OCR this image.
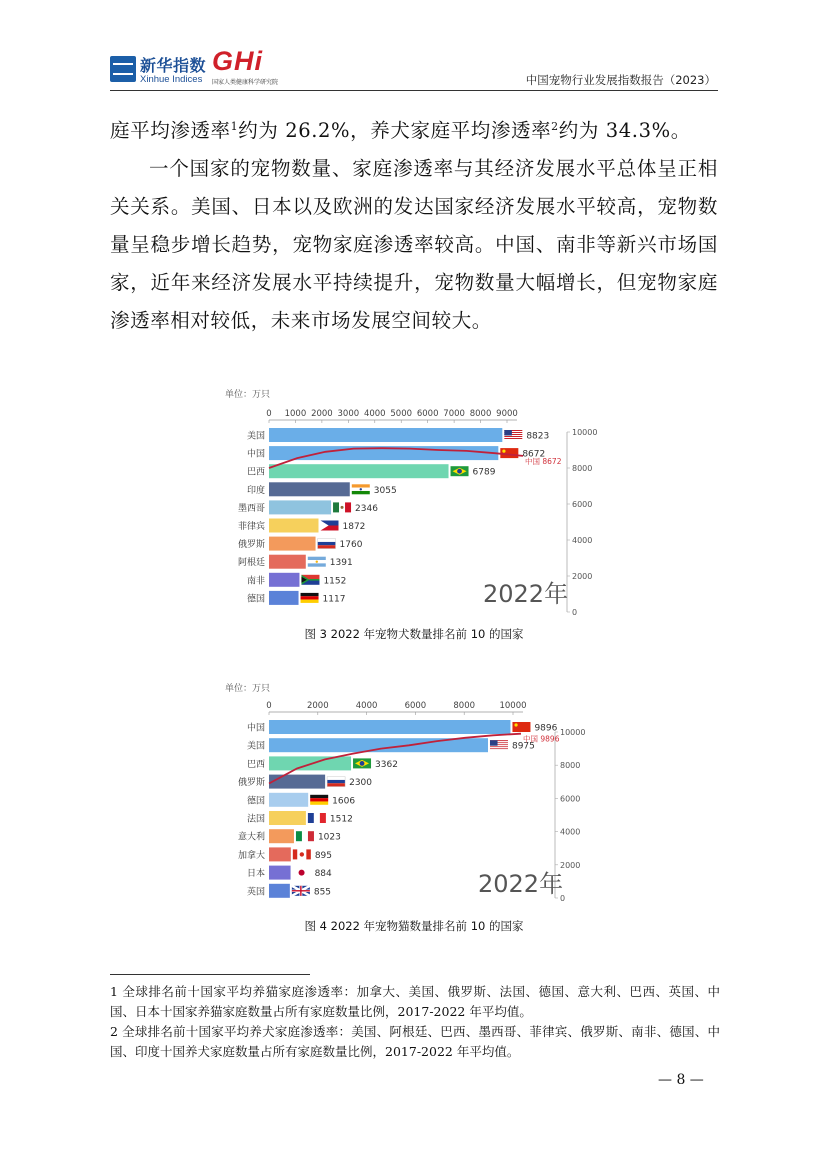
新华指数
Xinhue Indices
GHi
国家人类健康科学研究院	中国宠物行业发展指数报告（2023）

庭平均渗透率$^1$约为 26.2%，养犬家庭平均渗透率$^2$约为 34.3%。

一个国家的宠物数量、家庭渗透率与其经济发展水平总体呈正相关关系。美国、日本以及欧洲的发达国家经济发展水平较高，宠物数量呈稳步增长趋势，宠物家庭渗透率较高。中国、南非等新兴市场国家，近年来经济发展水平持续提升，宠物数量大幅增长，但宠物家庭渗透率相对较低，未来市场发展空间较大。

单位：万只
0 1000 2000 3000 4000 5000 6000 7000 8000 9000
10000
8000
6000
4000
2000
0
美国	8823
中国	8672
巴西	6789
印度	3055
墨西哥	2346
菲律宾	1872
俄罗斯	1760
阿根廷	1391
南非	1152
德国	1117
中国 8672
2022年
图 3 2022 年宠物犬数量排名前 10 的国家
单位：万只
0	2000	4000	6000	8000	10000
10000
8000
6000
4000
2000
0
中国	9896
美国	8975
巴西	3362
俄罗斯	2300
德国	1606
法国	1512
意大利	1023
加拿大	895
日本	884
英国	855
中国 9896
2022年
图 4 2022 年宠物猫数量排名前 10 的国家

1 全球排名前十国家平均养猫家庭渗透率：加拿大、美国、俄罗斯、法国、德国、意大利、巴西、英国、中国、日本十国家养猫家庭数量占所有家庭数量比例，2017-2022 年平均值。

2 全球排名前十国家平均养犬家庭渗透率：美国、阿根廷、巴西、墨西哥、菲律宾、俄罗斯、南非、德国、中国、印度十国养犬家庭数量占所有家庭数量比例，2017-2022 年平均值。

— 8 —
